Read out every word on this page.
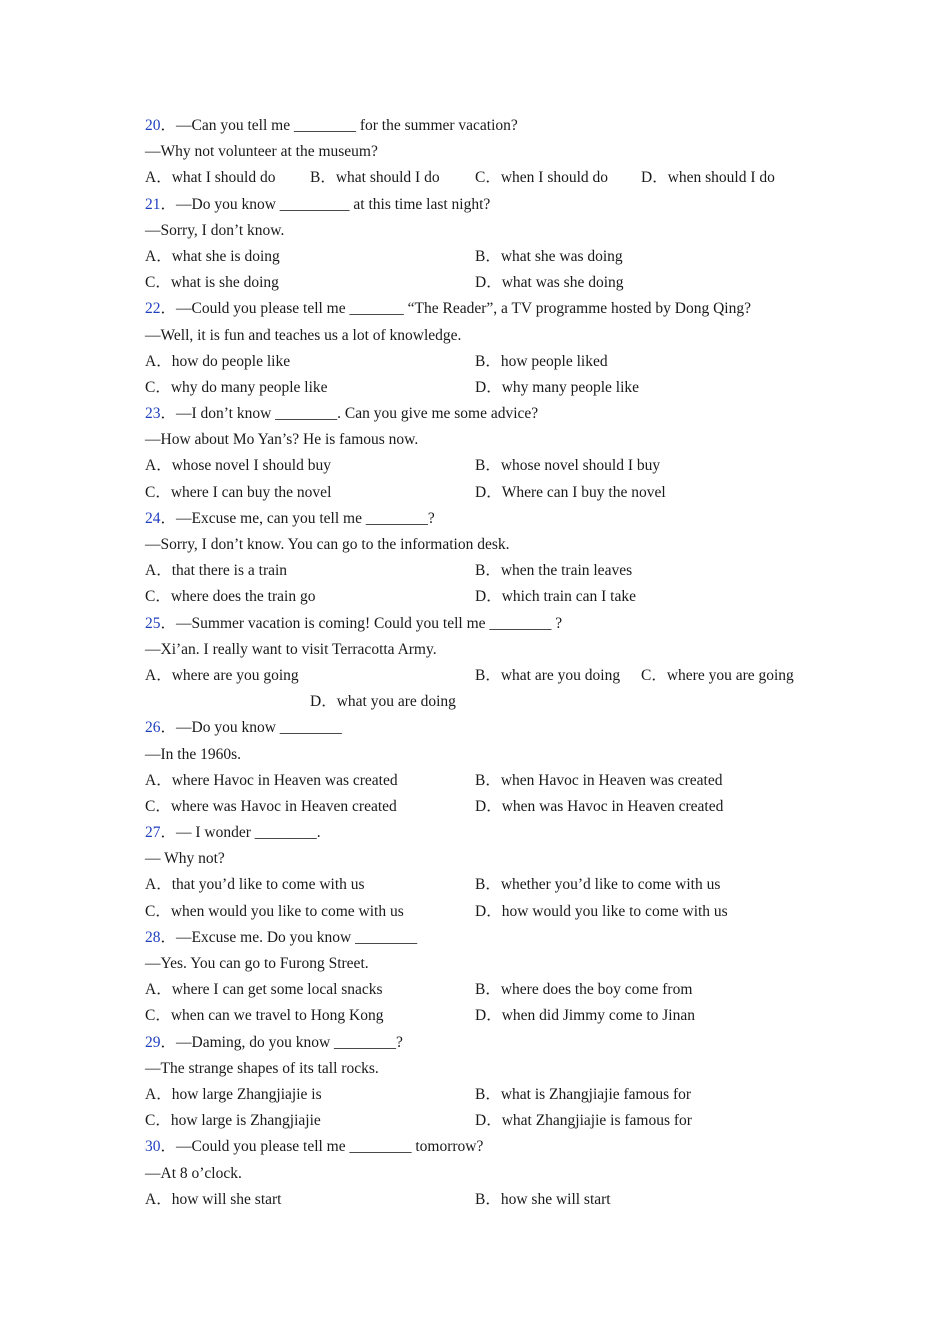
20．—Can you tell me ________ for the summer vacation?
—Why not volunteer at the museum?
A．what I should do B．what should I do C．when I should do D．when should I do
21．—Do you know _________ at this time last night?
—Sorry, I don’t know.
A．what she is doing	B．what she was doing
C．what is she doing	D．what was she doing
22．—Could you please tell me _______ “The Reader”, a TV programme hosted by Dong Qing?
—Well, it is fun and teaches us a lot of knowledge.
A．how do people like	B．how people liked
C．why do many people like	D．why many people like
23．—I don’t know ________. Can you give me some advice?
—How about Mo Yan’s? He is famous now.
A．whose novel I should buy	B．whose novel should I buy
C．where I can buy the novel	D．Where can I buy the novel
24．—Excuse me, can you tell me ________?
—Sorry, I don’t know. You can go to the information desk.
A．that there is a train	B．when the train leaves
C．where does the train go	D．which train can I take
25．—Summer vacation is coming! Could you tell me ________ ?
—Xi’an. I really want to visit Terracotta Army.
A．where are you going	B．what are you doing C．where you are going
D．what you are doing
26．—Do you know ________
—In the 1960s.
A．where Havoc in Heaven was created	B．when Havoc in Heaven was created
C．where was Havoc in Heaven created	D．when was Havoc in Heaven created
27．— I wonder ________.
— Why not?
A．that you’d like to come with us	B．whether you’d like to come with us
C．when would you like to come with us	D．how would you like to come with us
28．—Excuse me. Do you know ________
—Yes. You can go to Furong Street.
A．where I can get some local snacks	B．where does the boy come from
C．when can we travel to Hong Kong	D．when did Jimmy come to Jinan
29．—Daming, do you know ________?
—The strange shapes of its tall rocks.
A．how large Zhangjiajie is	B．what is Zhangjiajie famous for
C．how large is Zhangjiajie	D．what Zhangjiajie is famous for
30．—Could you please tell me ________ tomorrow?
—At 8 o’clock.
A．how will she start	B．how she will start
